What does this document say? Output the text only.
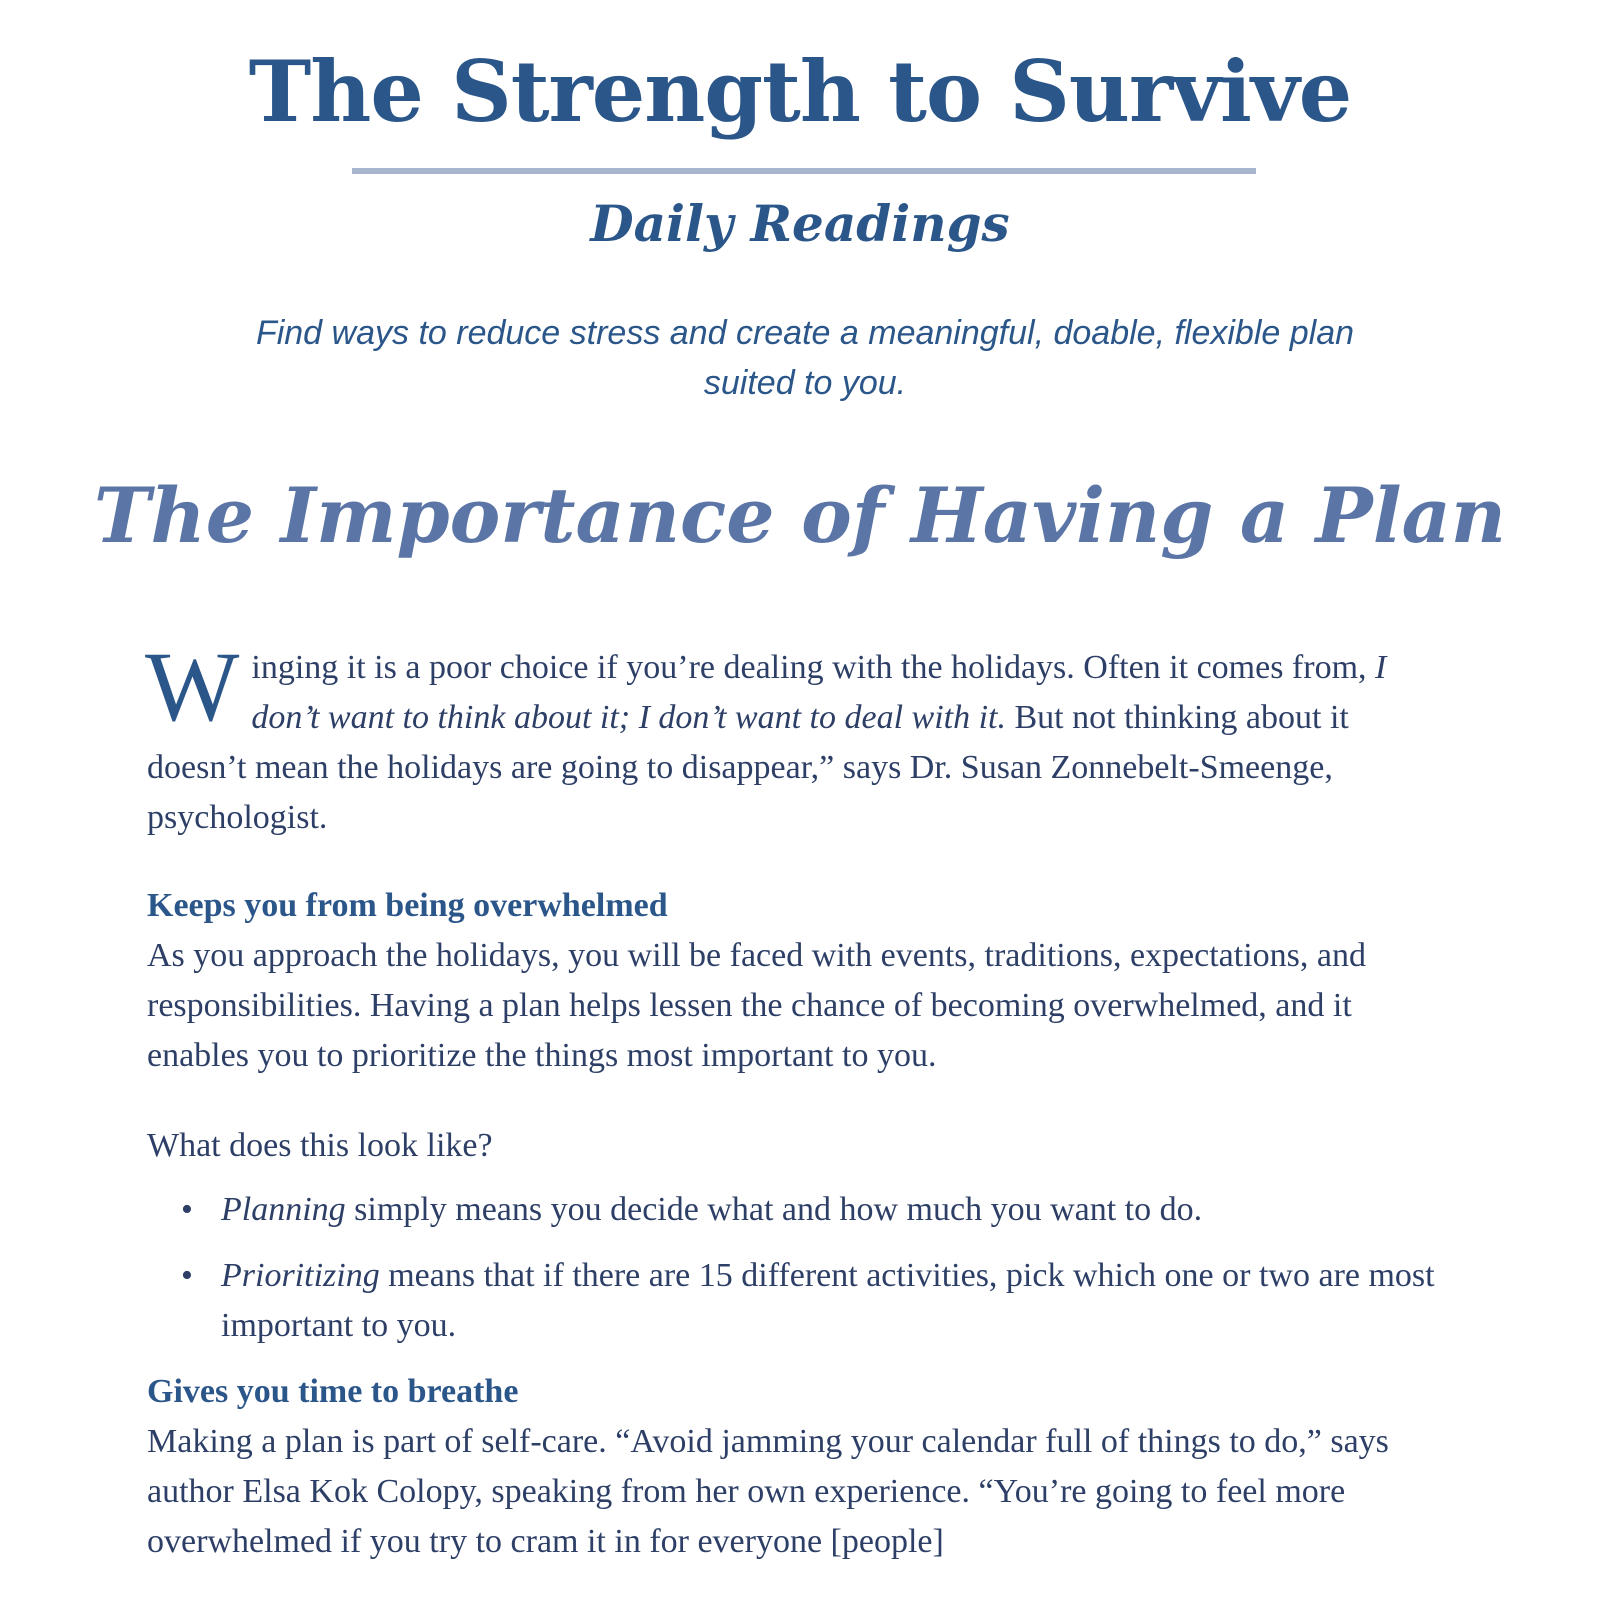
The Strength to Survive
Daily Readings
Find ways to reduce stress and create a meaningful, doable, flexible plan suited to you.
The Importance of Having a Plan

Winging it is a poor choice if you’re dealing with the holidays. Often it comes from, I don’t want to think about it; I don’t want to deal with it. But not thinking about it doesn’t mean the holidays are going to disappear,” says Dr. Susan Zonnebelt-Smeenge, psychologist.

Keeps you from being overwhelmed

As you approach the holidays, you will be faced with events, traditions, expectations, and responsibilities. Having a plan helps lessen the chance of becoming overwhelmed, and it enables you to prioritize the things most important to you.

What does this look like?

• Planning simply means you decide what and how much you want to do.
• Prioritizing means that if there are 15 different activities, pick which one or two are most important to you.

Gives you time to breathe

Making a plan is part of self-care. “Avoid jamming your calendar full of things to do,” says author Elsa Kok Colopy, speaking from her own experience. “You’re going to feel more overwhelmed if you try to cram it in for everyone [people]
